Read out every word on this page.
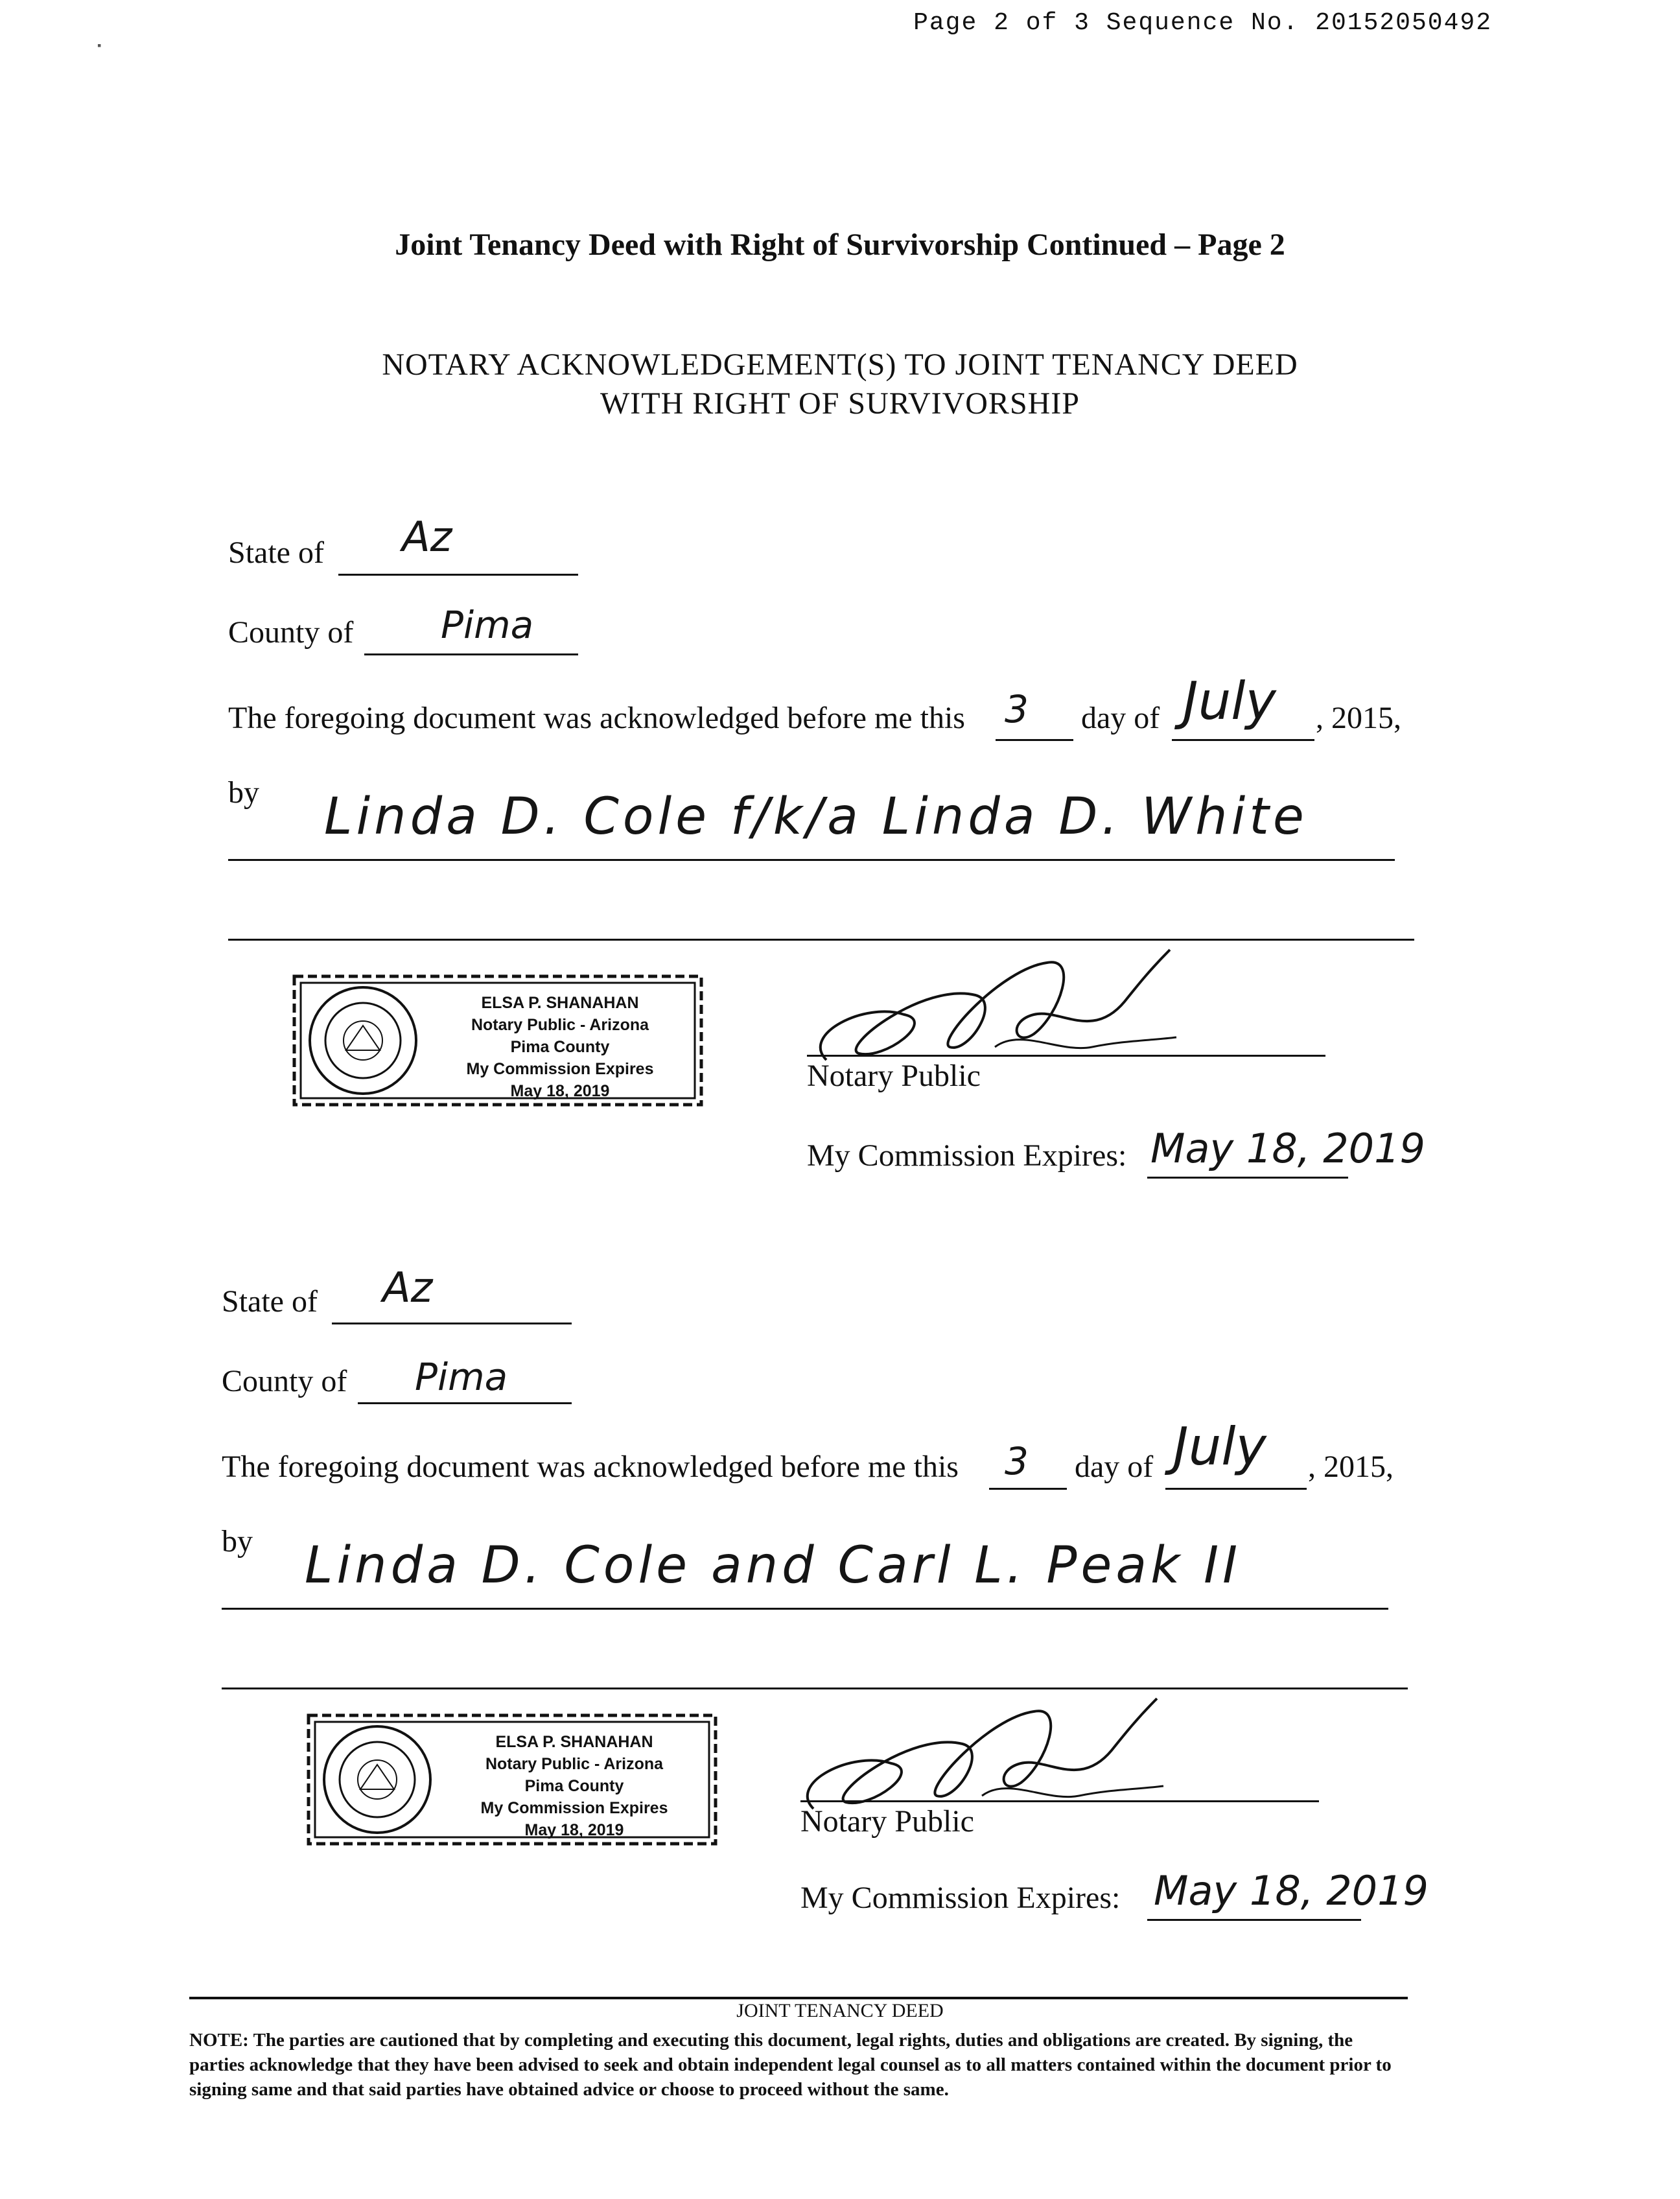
Page 2 of 3 Sequence No. 20152050492
▪
Joint Tenancy Deed with Right of Survivorship Continued – Page 2
NOTARY ACKNOWLEDGEMENT(S) TO JOINT TENANCY DEED
WITH RIGHT OF SURVIVORSHIP
State of Az
County of Pima
The foregoing document was acknowledged before me this 3 day of July , 2015,
by Linda D. Cole f/k/a Linda D. White
ELSA P. SHANAHAN
Notary Public - Arizona
Pima County
My Commission Expires
May 18, 2019	Notary Public
My Commission Expires: May 18, 2019
State of Az
County of Pima
The foregoing document was acknowledged before me this 3 day of July , 2015,
by Linda D. Cole and Carl L. Peak II
ELSA P. SHANAHAN
Notary Public - Arizona
Pima County
My Commission Expires
May 18, 2019	Notary Public
My Commission Expires: May 18, 2019
JOINT TENANCY DEED
NOTE: The parties are cautioned that by completing and executing this document, legal rights, duties and obligations are created. By signing, the parties acknowledge that they have been advised to seek and obtain independent legal counsel as to all matters contained within the document prior to signing same and that said parties have obtained advice or choose to proceed without the same.
